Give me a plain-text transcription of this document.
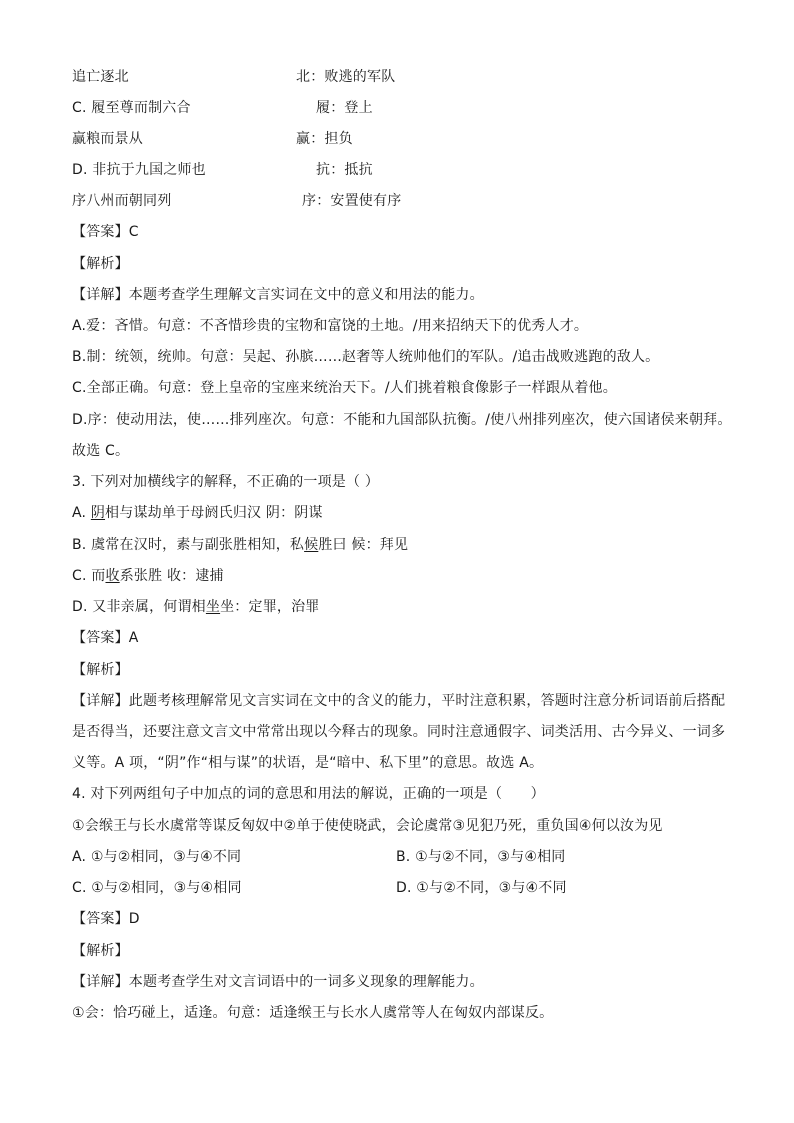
追亡逐北	北：败逃的军队
C. 履至尊而制六合	履：登上
赢粮而景从	赢：担负
D. 非抗于九国之师也	抗：抵抗
序八州而朝同列	序：安置使有序
【答案】C
【解析】
【详解】本题考查学生理解文言实词在文中的意义和用法的能力。
A.爱：吝惜。句意：不吝惜珍贵的宝物和富饶的土地。/用来招纳天下的优秀人才。
B.制：统领，统帅。句意：吴起、孙膑……赵奢等人统帅他们的军队。/追击战败逃跑的敌人。
C.全部正确。句意：登上皇帝的宝座来统治天下。/人们挑着粮食像影子一样跟从着他。
D.序：使动用法，使……排列座次。句意：不能和九国部队抗衡。/使八州排列座次，使六国诸侯来朝拜。
故选 C。
3. 下列对加横线字的解释，不正确的一项是（ ）
A. 阴相与谋劫单于母阏氏归汉 阴：阴谋
B. 虞常在汉时，素与副张胜相知，私候胜曰 候：拜见
C. 而收系张胜 收：逮捕
D. 又非亲属，何谓相坐坐：定罪，治罪
【答案】A
【解析】
【详解】此题考核理解常见文言实词在文中的含义的能力，平时注意积累，答题时注意分析词语前后搭配
是否得当，还要注意文言文中常常出现以今释古的现象。同时注意通假字、词类活用、古今异义、一词多
义等。A 项，“阴”作“相与谋”的状语，是“暗中、私下里”的意思。故选 A。
4. 对下列两组句子中加点的词的意思和用法的解说，正确的一项是（　　）
①会缑王与长水虞常等谋反匈奴中②单于使使晓武，会论虞常③见犯乃死，重负国④何以汝为见
A. ①与②相同，③与④不同	B. ①与②不同，③与④相同
C. ①与②相同，③与④相同	D. ①与②不同，③与④不同
【答案】D
【解析】
【详解】本题考查学生对文言词语中的一词多义现象的理解能力。
①会：恰巧碰上，适逢。句意：适逢缑王与长水人虞常等人在匈奴内部谋反。
